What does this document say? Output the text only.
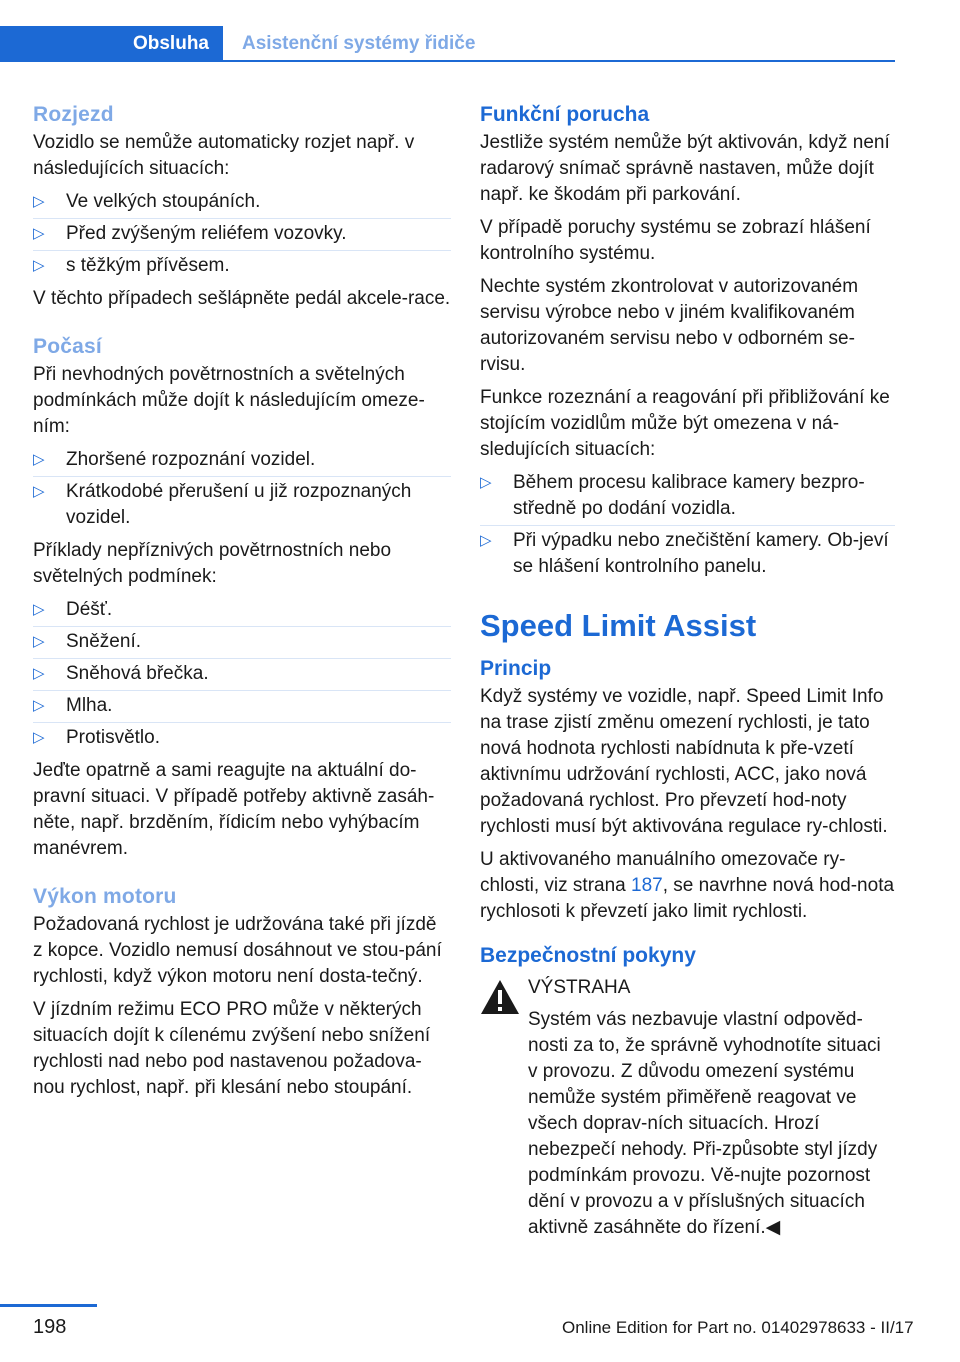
Obsluha Asistenční systémy řidiče
Rozjezd

Vozidlo se nemůže automaticky rozjet např. v následujících situacích:

▷ Ve velkých stoupáních.
▷ Před zvýšeným reliéfem vozovky.
▷ s těžkým přívěsem.

V těchto případech sešlápněte pedál akcele‐race.

Počasí

Při nevhodných povětrnostních a světelných podmínkách může dojít k následujícím omeze‐ním:

▷ Zhoršené rozpoznání vozidel.
▷ Krátkodobé přerušení u již rozpoznaných vozidel.

Příklady nepříznivých povětrnostních nebo světelných podmínek:

▷ Déšť.
▷ Sněžení.
▷ Sněhová břečka.
▷ Mlha.
▷ Protisvětlo.

Jeďte opatrně a sami reagujte na aktuální do‐pravní situaci. V případě potřeby aktivně zasáh‐něte, např. brzděním, řídicím nebo vyhýbacím manévrem.

Výkon motoru

Požadovaná rychlost je udržována také při jízdě z kopce. Vozidlo nemusí dosáhnout ve stou‐pání rychlosti, když výkon motoru není dosta‐tečný.

V jízdním režimu ECO PRO může v některých situacích dojít k cílenému zvýšení nebo snížení rychlosti nad nebo pod nastavenou požadova‐nou rychlost, např. při klesání nebo stoupání.

Funkční porucha

Jestliže systém nemůže být aktivován, když není radarový snímač správně nastaven, může dojít např. ke škodám při parkování.

V případě poruchy systému se zobrazí hlášení kontrolního systému.

Nechte systém zkontrolovat v autorizovaném servisu výrobce nebo v jiném kvalifikovaném autorizovaném servisu nebo v odborném se‐rvisu.

Funkce rozeznání a reagování při přibližování ke stojícím vozidlům může být omezena v ná‐sledujících situacích:

▷ Během procesu kalibrace kamery bezpro‐středně po dodání vozidla.
▷ Při výpadku nebo znečištění kamery. Ob‐jeví se hlášení kontrolního panelu.
Speed Limit Assist
Princip

Když systémy ve vozidle, např. Speed Limit Info na trase zjistí změnu omezení rychlosti, je tato nová hodnota rychlosti nabídnuta k pře‐vzetí aktivnímu udržování rychlosti, ACC, jako nová požadovaná rychlost. Pro převzetí hod‐noty rychlosti musí být aktivována regulace ry‐chlosti.

U aktivovaného manuálního omezovače ry‐chlosti, viz strana 187, se navrhne nová hod‐nota rychlosoti k převzetí jako limit rychlosti.

Bezpečnostní pokyny
VÝSTRAHA
Systém vás nezbavuje vlastní odpověd‐nosti za to, že správně vyhodnotíte situaci v provozu. Z důvodu omezení systému nemůže systém přiměřeně reagovat ve všech doprav‐ních situacích. Hrozí nebezpečí nehody. Při‐způsobte styl jízdy podmínkám provozu. Vě‐nujte pozornost dění v provozu a v příslušných situacích aktivně zasáhněte do řízení.◀
198	Online Edition for Part no. 01402978633 - II/17
